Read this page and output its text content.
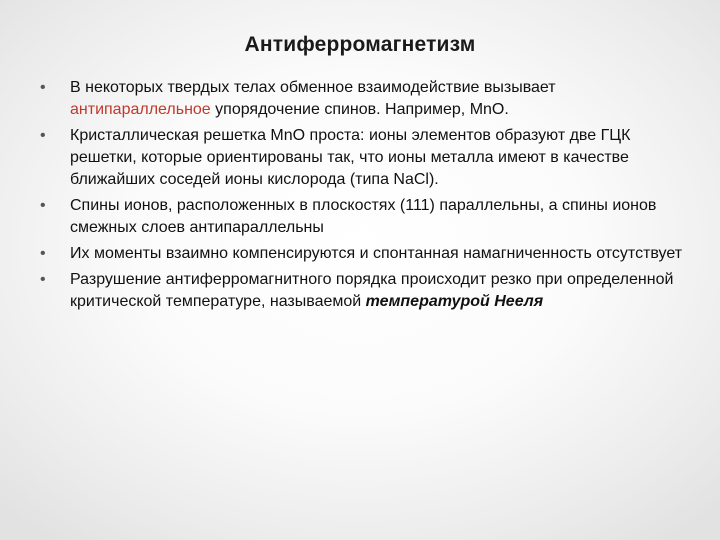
Антиферромагнетизм
•	В некоторых твердых телах обменное взаимодействие вызывает антипараллельное упорядочение спинов. Например, MnO.
•	Кристаллическая решетка MnO проста: ионы элементов образуют две ГЦК решетки, которые ориентированы так, что ионы металла имеют в качестве ближайших соседей ионы кислорода (типа NaCl).
•	Спины ионов, расположенных в плоскостях (111) параллельны, а спины ионов смежных слоев антипараллельны
•	Их моменты взаимно компенсируются и спонтанная намагниченность отсутствует
•	Разрушение антиферромагнитного порядка происходит резко при определенной критической температуре, называемой температурой Нееля
